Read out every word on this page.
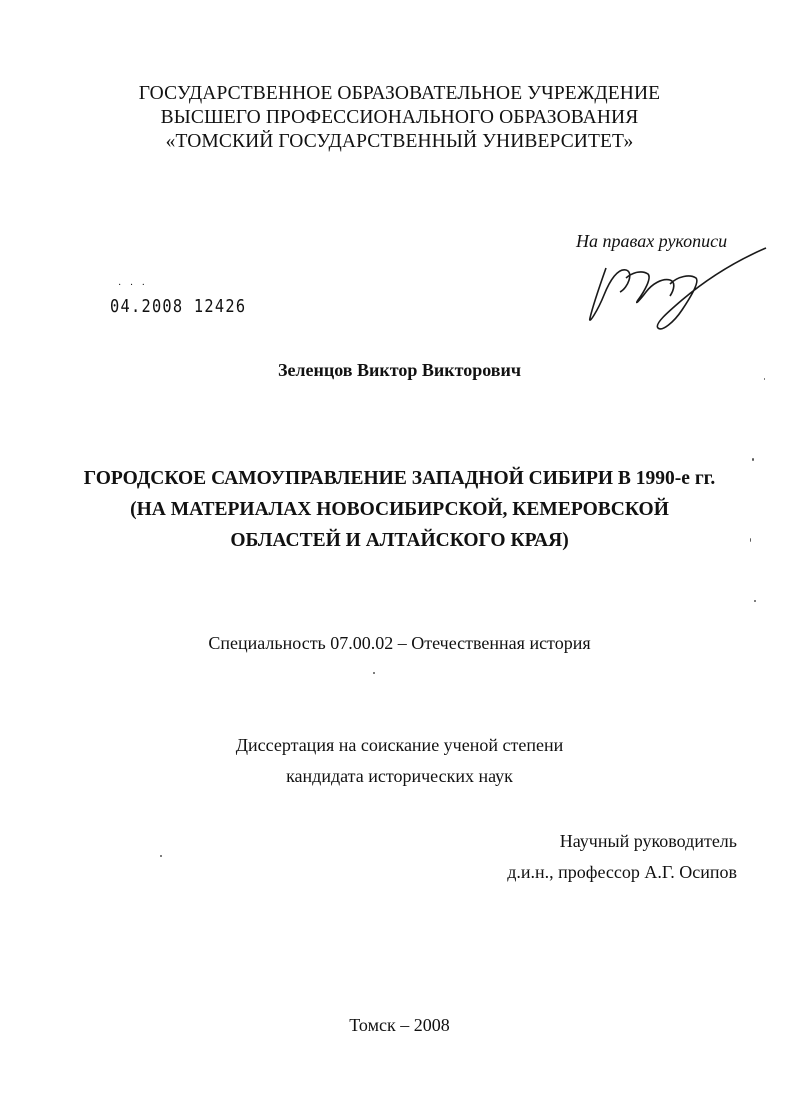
ГОСУДАРСТВЕННОЕ ОБРАЗОВАТЕЛЬНОЕ УЧРЕЖДЕНИЕ
ВЫСШЕГО ПРОФЕССИОНАЛЬНОГО ОБРАЗОВАНИЯ
«ТОМСКИЙ ГОСУДАРСТВЕННЫЙ УНИВЕРСИТЕТ»
На правах рукописи
· · ·
04.2008 12426
Зеленцов Виктор Викторович
ГОРОДСКОЕ САМОУПРАВЛЕНИЕ ЗАПАДНОЙ СИБИРИ В 1990-е гг.
(НА МАТЕРИАЛАХ НОВОСИБИРСКОЙ, КЕМЕРОВСКОЙ
ОБЛАСТЕЙ И АЛТАЙСКОГО КРАЯ)
Специальность 07.00.02 – Отечественная история
Диссертация на соискание ученой степени
кандидата исторических наук
Научный руководитель
д.и.н., профессор А.Г. Осипов
Томск – 2008
